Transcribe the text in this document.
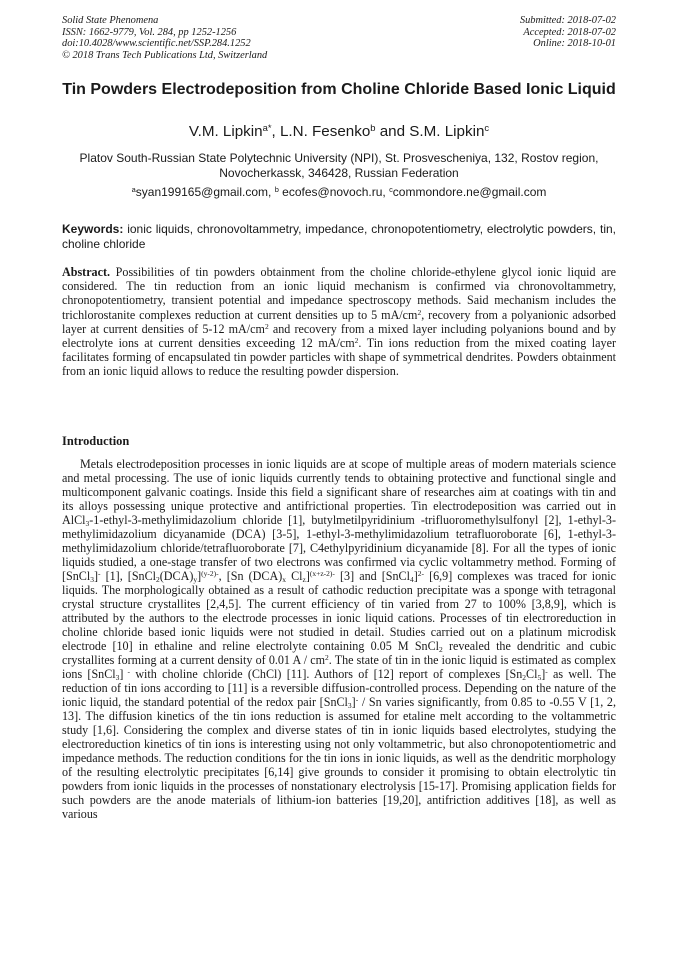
Solid State Phenomena
ISSN: 1662-9779, Vol. 284, pp 1252-1256
doi:10.4028/www.scientific.net/SSP.284.1252
© 2018 Trans Tech Publications Ltd, Switzerland
Submitted: 2018-07-02
Accepted: 2018-07-02
Online: 2018-10-01
Tin Powders Electrodeposition from Choline Chloride Based Ionic Liquid
V.M. Lipkin$^{a*}$, L.N. Fesenko$^b$ and S.M. Lipkin$^c$
Platov South-Russian State Polytechnic University (NPI), St. Prosvescheniya, 132, Rostov region, Novocherkassk, 346428, Russian Federation
$^a$syan199165@gmail.com, $^b$ ecofes@novoch.ru, $^c$commondore.ne@gmail.com
Keywords: ionic liquids, chronovoltammetry, impedance, chronopotentiometry, electrolytic powders, tin, choline chloride
Abstract. Possibilities of tin powders obtainment from the choline chloride-ethylene glycol ionic liquid are considered. The tin reduction from an ionic liquid mechanism is confirmed via chronovoltammetry, chronopotentiometry, transient potential and impedance spectroscopy methods. Said mechanism includes the trichlorostanite complexes reduction at current densities up to 5 $mA/cm^2$, recovery from a polyanionic adsorbed layer at current densities of 5-12 $mA/cm^2$ and recovery from a mixed layer including polyanions bound and by electrolyte ions at current densities exceeding 12 $mA/cm^2$. Tin ions reduction from the mixed coating layer facilitates forming of encapsulated tin powder particles with shape of symmetrical dendrites. Powders obtainment from an ionic liquid allows to reduce the resulting powder dispersion.
Introduction
Metals electrodeposition processes in ionic liquids are at scope of multiple areas of modern materials science and metal processing. The use of ionic liquids currently tends to obtaining protective and functional single and multicomponent galvanic coatings. Inside this field a significant share of researches aim at coatings with tin and its alloys possessing unique protective and antifrictional properties. Tin electrodeposition was carried out in AlCl$_3$-1-ethyl-3-methylimidazolium chloride [1], butylmetilpyridinium -trifluoromethylsulfonyl [2], 1-ethyl-3-methylimidazolium dicyanamide (DCA) [3-5], 1-ethyl-3-methylimidazolium tetrafluoroborate [6], 1-ethyl-3-methylimidazolium chloride/tetrafluoroborate [7], C4ethylpyridinium dicyanamide [8]. For all the types of ionic liquids studied, a one-stage transfer of two electrons was confirmed via cyclic voltammetry method. Forming of [SnCl$_3$]- [1], $[SnCl_2(DCA)_y]^{(y-2)-}$, [Sn $(DCA)_x$ $Cl_z]^{(x+z-2)-}$ [3] and [SnCl$_4$]$^{2-}$ [6,9] complexes was traced for ionic liquids. The morphologically obtained as a result of cathodic reduction precipitate was a sponge with tetragonal crystal structure crystallites [2,4,5]. The current efficiency of tin varied from 27 to 100% [3,8,9], which is attributed by the authors to the electrode processes in ionic liquid cations. Processes of tin electroreduction in choline chloride based ionic liquids were not studied in detail. Studies carried out on a platinum microdisk electrode [10] in ethaline and reline electrolyte containing 0.05 M SnCl$_2$ revealed the dendritic and cubic crystallites forming at a current density of 0.01 A / $cm^2$. The state of tin in the ionic liquid is estimated as complex ions [SnCl$_3$] - with choline chloride (ChCl) [11]. Authors of [12] report of complexes $[Sn_2Cl_5]^-$ as well. The reduction of tin ions according to [11] is a reversible diffusion-controlled process. Depending on the nature of the ionic liquid, the standard potential of the redox pair [SnCl$_3$]- / Sn varies significantly, from 0.85 to -0.55 V [1, 2, 13]. The diffusion kinetics of the tin ions reduction is assumed for etaline melt according to the voltammetric study [1,6]. Considering the complex and diverse states of tin in ionic liquids based electrolytes, studying the electroreduction kinetics of tin ions is interesting using not only voltammetric, but also chronopotentiometric and impedance methods. The reduction conditions for the tin ions in ionic liquids, as well as the dendritic morphology of the resulting electrolytic precipitates [6,14] give grounds to consider it promising to obtain electrolytic tin powders from ionic liquids in the processes of nonstationary electrolysis [15-17]. Promising application fields for such powders are the anode materials of lithium-ion batteries [19,20], antifriction additives [18], as well as various
